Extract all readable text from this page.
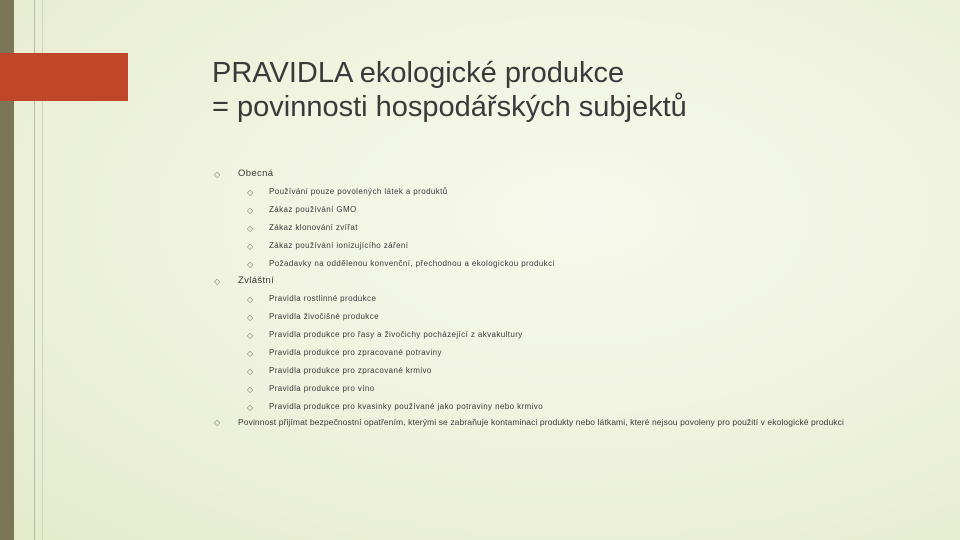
PRAVIDLA ekologické produkce
= povinnosti hospodářských subjektů
◇ Obecná
◇ Používání pouze povolených látek a produktů
◇ Zákaz používání GMO
◇ Zákaz klonování zvířat
◇ Zákaz používání ionizujícího záření
◇ Požadavky na oddělenou konvenční, přechodnou a ekologickou produkci
◇ Zvláštní
◇ Pravidla rostlinné produkce
◇ Pravidla živočišné produkce
◇ Pravidla produkce pro řasy a živočichy pocházející z akvakultury
◇ Pravidla produkce pro zpracované potraviny
◇ Pravidla produkce pro zpracované krmivo
◇ Pravidla produkce pro víno
◇ Pravidla produkce pro kvasinky používané jako potraviny nebo krmivo
◇ Povinnost přijímat bezpečnostní opatřením, kterými se zabraňuje kontaminaci produkty nebo látkami, které nejsou povoleny pro použití v ekologické produkci
